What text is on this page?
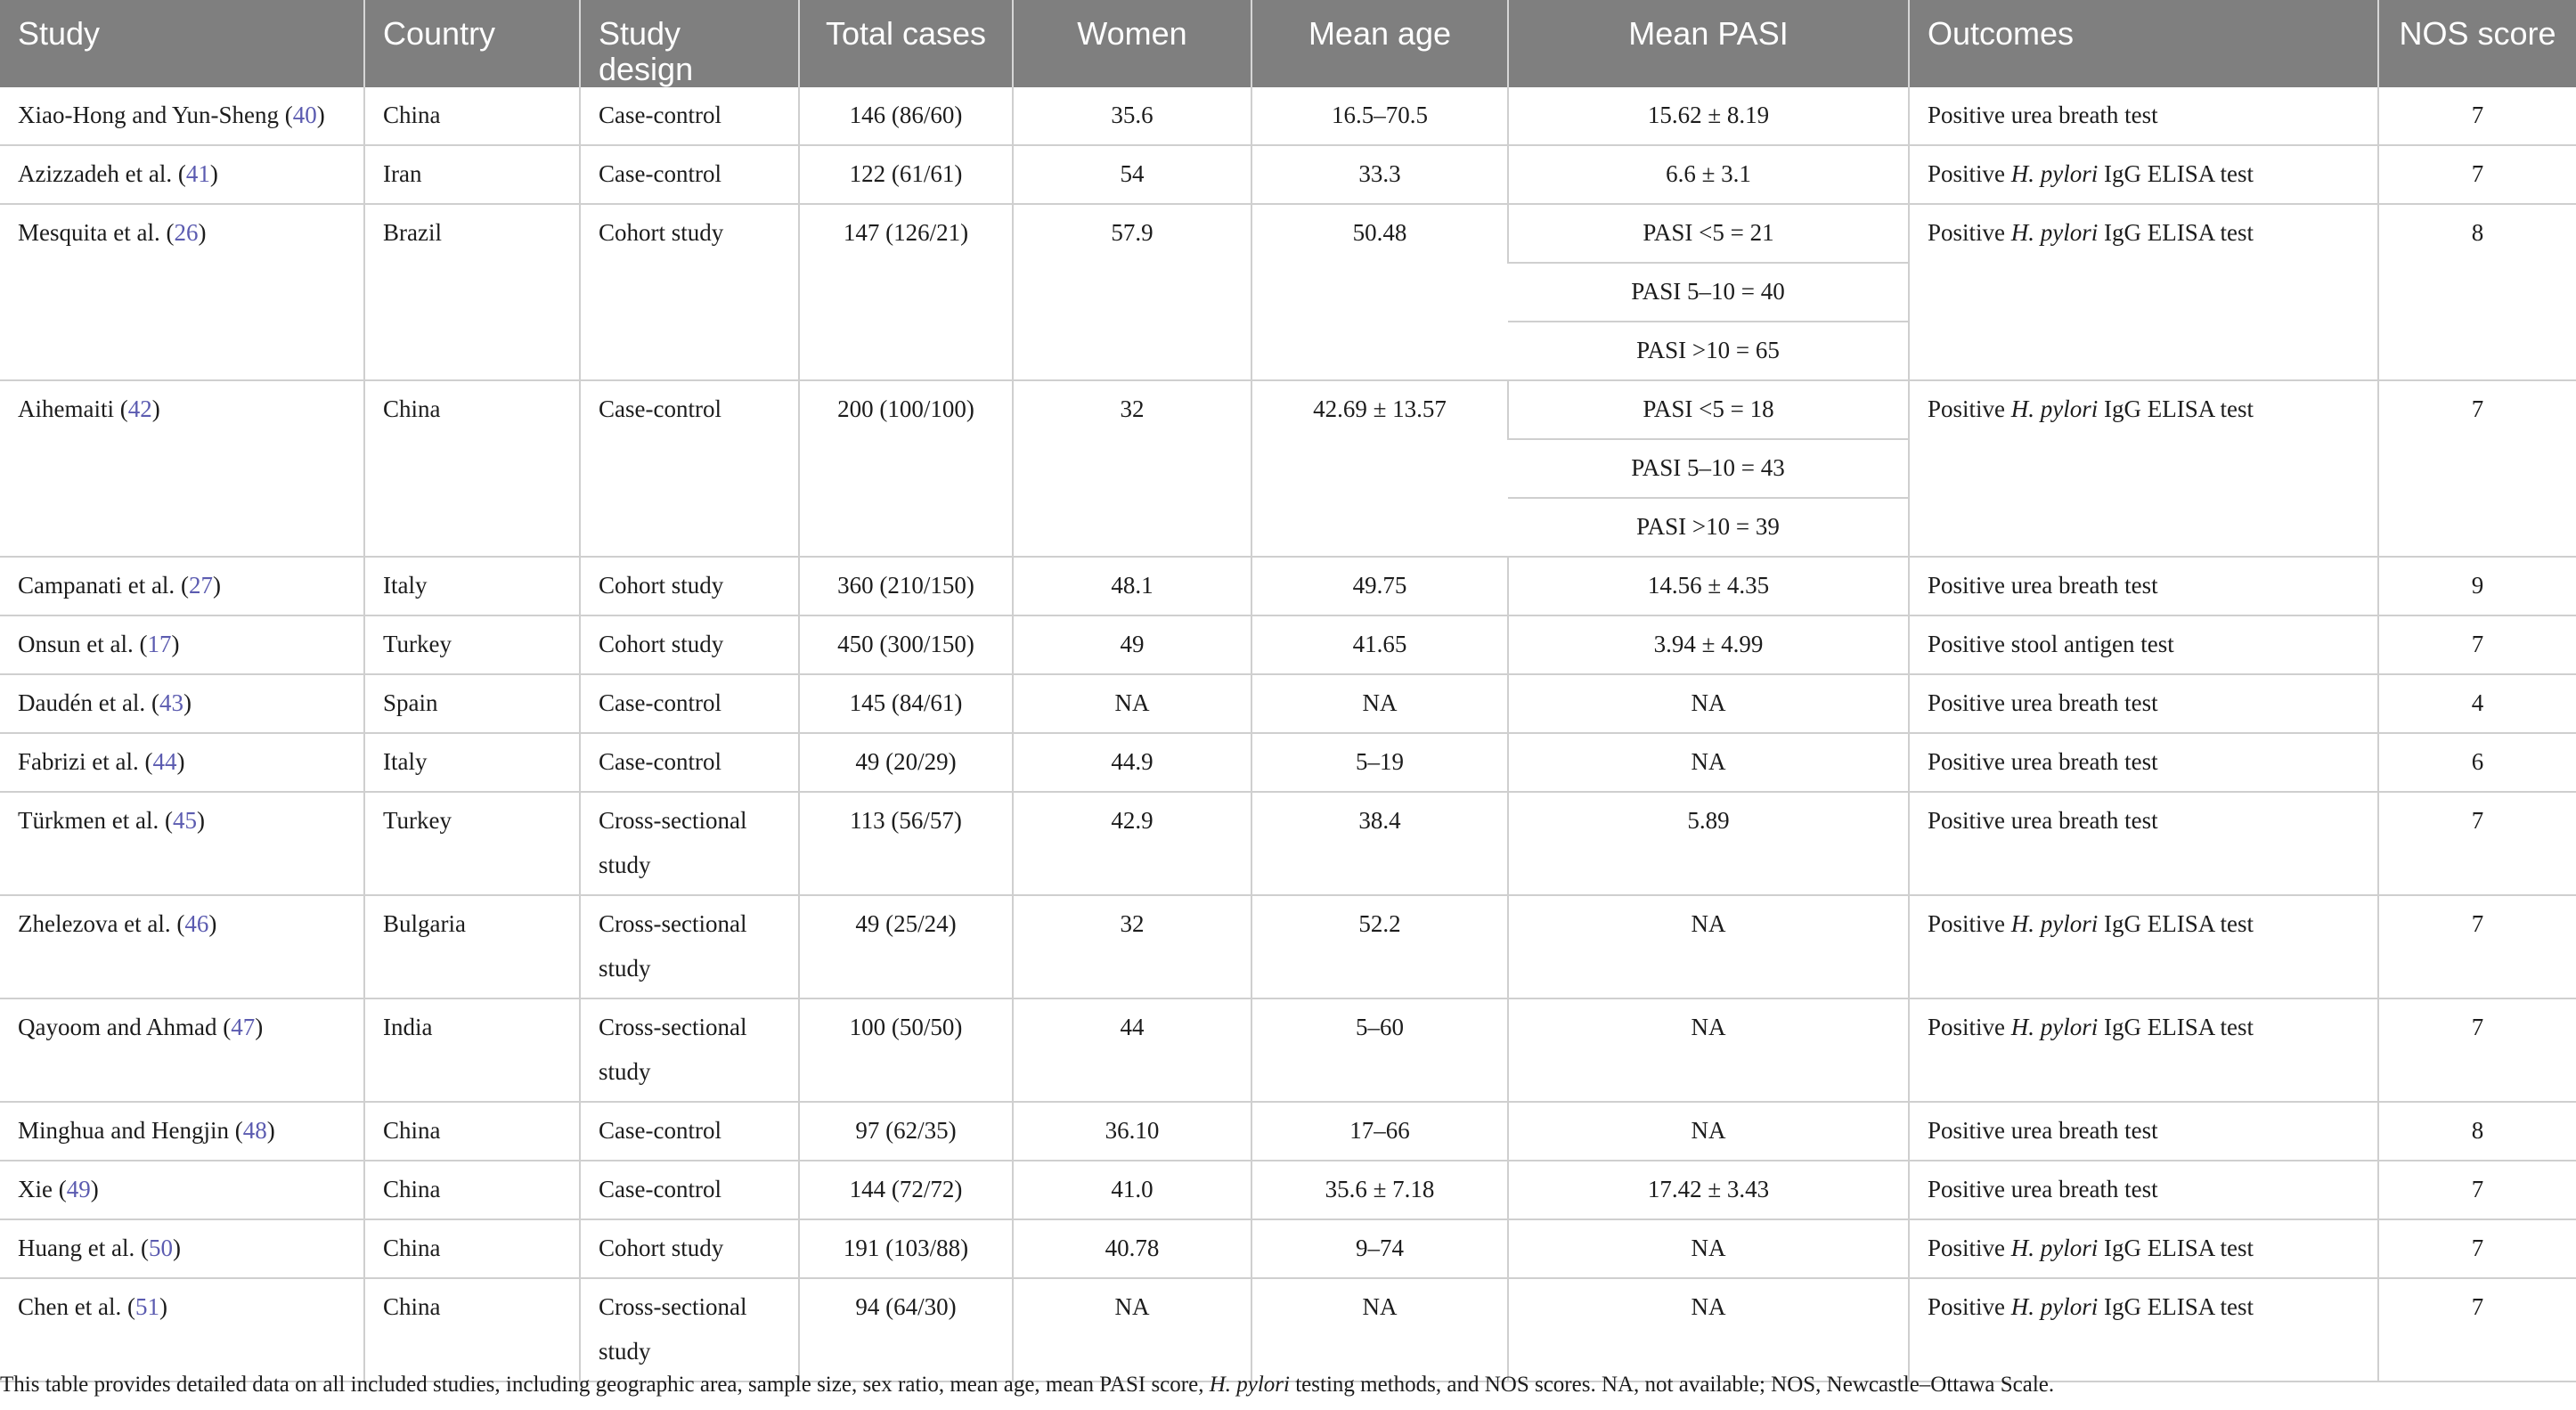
Study	Country	Study design	Total cases	Women	Mean age	Mean PASI	Outcomes	NOS score
Xiao-Hong and Yun-Sheng (40)	China	Case-control	146 (86/60)	35.6	16.5–70.5	15.62 ± 8.19	Positive urea breath test	7
Azizzadeh et al. (41)	Iran	Case-control	122 (61/61)	54	33.3	6.6 ± 3.1	Positive H. pylori IgG ELISA test	7
Mesquita et al. (26)	Brazil	Cohort study	147 (126/21)	57.9	50.48	PASI <5 = 21	Positive H. pylori IgG ELISA test	8
						PASI 5–10 = 40		
						PASI >10 = 65		
Aihemaiti (42)	China	Case-control	200 (100/100)	32	42.69 ± 13.57	PASI <5 = 18	Positive H. pylori IgG ELISA test	7
						PASI 5–10 = 43		
						PASI >10 = 39		
Campanati et al. (27)	Italy	Cohort study	360 (210/150)	48.1	49.75	14.56 ± 4.35	Positive urea breath test	9
Onsun et al. (17)	Turkey	Cohort study	450 (300/150)	49	41.65	3.94 ± 4.99	Positive stool antigen test	7
Daudén et al. (43)	Spain	Case-control	145 (84/61)	NA	NA	NA	Positive urea breath test	4
Fabrizi et al. (44)	Italy	Case-control	49 (20/29)	44.9	5–19	NA	Positive urea breath test	6
Türkmen et al. (45)	Turkey	Cross-sectional study	113 (56/57)	42.9	38.4	5.89	Positive urea breath test	7
Zhelezova et al. (46)	Bulgaria	Cross-sectional study	49 (25/24)	32	52.2	NA	Positive H. pylori IgG ELISA test	7
Qayoom and Ahmad (47)	India	Cross-sectional study	100 (50/50)	44	5–60	NA	Positive H. pylori IgG ELISA test	7
Minghua and Hengjin (48)	China	Case-control	97 (62/35)	36.10	17–66	NA	Positive urea breath test	8
Xie (49)	China	Case-control	144 (72/72)	41.0	35.6 ± 7.18	17.42 ± 3.43	Positive urea breath test	7
Huang et al. (50)	China	Cohort study	191 (103/88)	40.78	9–74	NA	Positive H. pylori IgG ELISA test	7
Chen et al. (51)	China	Cross-sectional study	94 (64/30)	NA	NA	NA	Positive H. pylori IgG ELISA test	7
This table provides detailed data on all included studies, including geographic area, sample size, sex ratio, mean age, mean PASI score, H. pylori testing methods, and NOS scores. NA, not available; NOS, Newcastle–Ottawa Scale.
